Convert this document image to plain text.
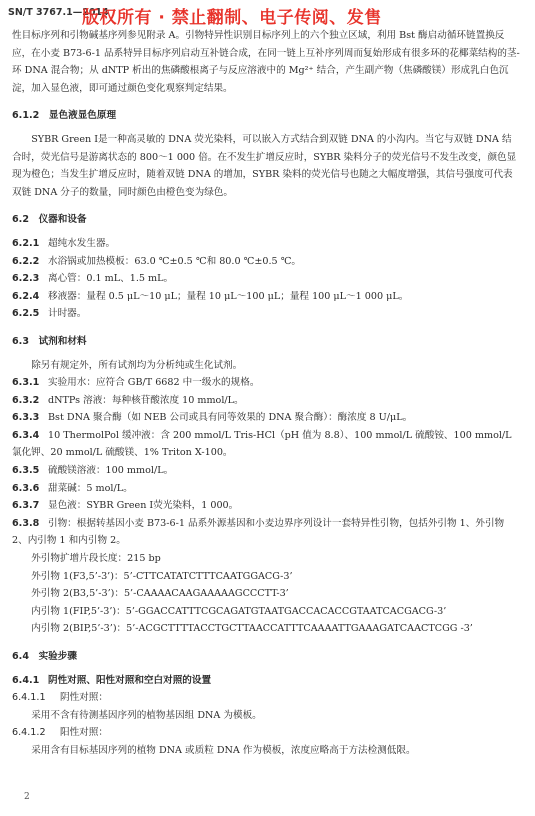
SN/T 3767.1—2014
版权所有 · 禁止翻制、电子传阅、发售

性目标序列和引物碱基序列参见附录 A。引物特异性识别目标序列上的六个独立区域，利用 Bst 酶启动循环链置换反应，在小麦 B73-6-1 品系特异目标序列启动互补链合成，在同一链上互补序列周而复始形成有很多环的花椰菜结构的茎-环 DNA 混合物；从 dNTP 析出的焦磷酸根离子与反应溶液中的 Mg²⁺ 结合，产生副产物（焦磷酸镁）形成乳白色沉淀，加入显色液，即可通过颜色变化观察判定结果。

6.1.2　 显色液显色原理

SYBR Green Ⅰ是一种高灵敏的 DNA 荧光染料，可以嵌入方式结合到双链 DNA 的小沟内。当它与双链 DNA 结合时，荧光信号是游离状态的 800～1 000 倍。在不发生扩增反应时，SYBR 染料分子的荧光信号不发生改变，颜色显现为橙色；当发生扩增反应时，随着双链 DNA 的增加，SYBR 染料的荧光信号也随之大幅度增强，其信号强度可代表双链 DNA 分子的数量，同时颜色由橙色变为绿色。

6.2　 仪器和设备

6.2.1 超纯水发生器。

6.2.2 水浴锅或加热模板：63.0 ℃±0.5 ℃和 80.0 ℃±0.5 ℃。

6.2.3 离心管：0.1 mL、1.5 mL。

6.2.4 移液器：量程 0.5 μL～10 μL；量程 10 μL～100 μL；量程 100 μL～1 000 μL。

6.2.5 计时器。

6.3　 试剂和材料

除另有规定外，所有试剂均为分析纯或生化试剂。

6.3.1 实验用水：应符合 GB/T 6682 中一级水的规格。

6.3.2 dNTPs 溶液：每种核苷酸浓度 10 mmol/L。

6.3.3 Bst DNA 聚合酶（如 NEB 公司或具有同等效果的 DNA 聚合酶）：酶浓度 8 U/μL。

6.3.4 10 ThermolPol 缓冲液：含 200 mmol/L Tris-HCl（pH 值为 8.8）、100 mmol/L 硫酸铵、100 mmol/L 氯化钾、20 mmol/L 硫酸镁、1% Triton X-100。

6.3.5 硫酸镁溶液：100 mmol/L。

6.3.6 甜菜碱：5 mol/L。

6.3.7 显色液：SYBR Green Ⅰ荧光染料，1 000。

6.3.8 引物：根据转基因小麦 B73-6-1 品系外源基因和小麦边界序列设计一套特异性引物，包括外引物 1、外引物 2、内引物 1 和内引物 2。

外引物扩增片段长度：215 bp

外引物 1(F3,5’-3’)：5’-CTTCATATCTTTCAATGGACG-3’

外引物 2(B3,5’-3’)：5’-CAAAACAAGAAAAAGCCCTT-3’

内引物 1(FIP,5’-3’)：5’-GGACCATTTCGCAGATGTAATGACCACACCGTAATCACGACG-3’

内引物 2(BIP,5’-3’)：5’-ACGCTTTTACCTGCTTAACCATTTCAAAATTGAAAGATCAACTCGG -3’

6.4　 实验步骤

6.4.1 阴性对照、阳性对照和空白对照的设置

6.4.1.1 阴性对照：

采用不含有待测基因序列的植物基因组 DNA 为模板。

6.4.1.2 阳性对照：

采用含有目标基因序列的植物 DNA 或质粒 DNA 作为模板，浓度应略高于方法检测低限。

2
